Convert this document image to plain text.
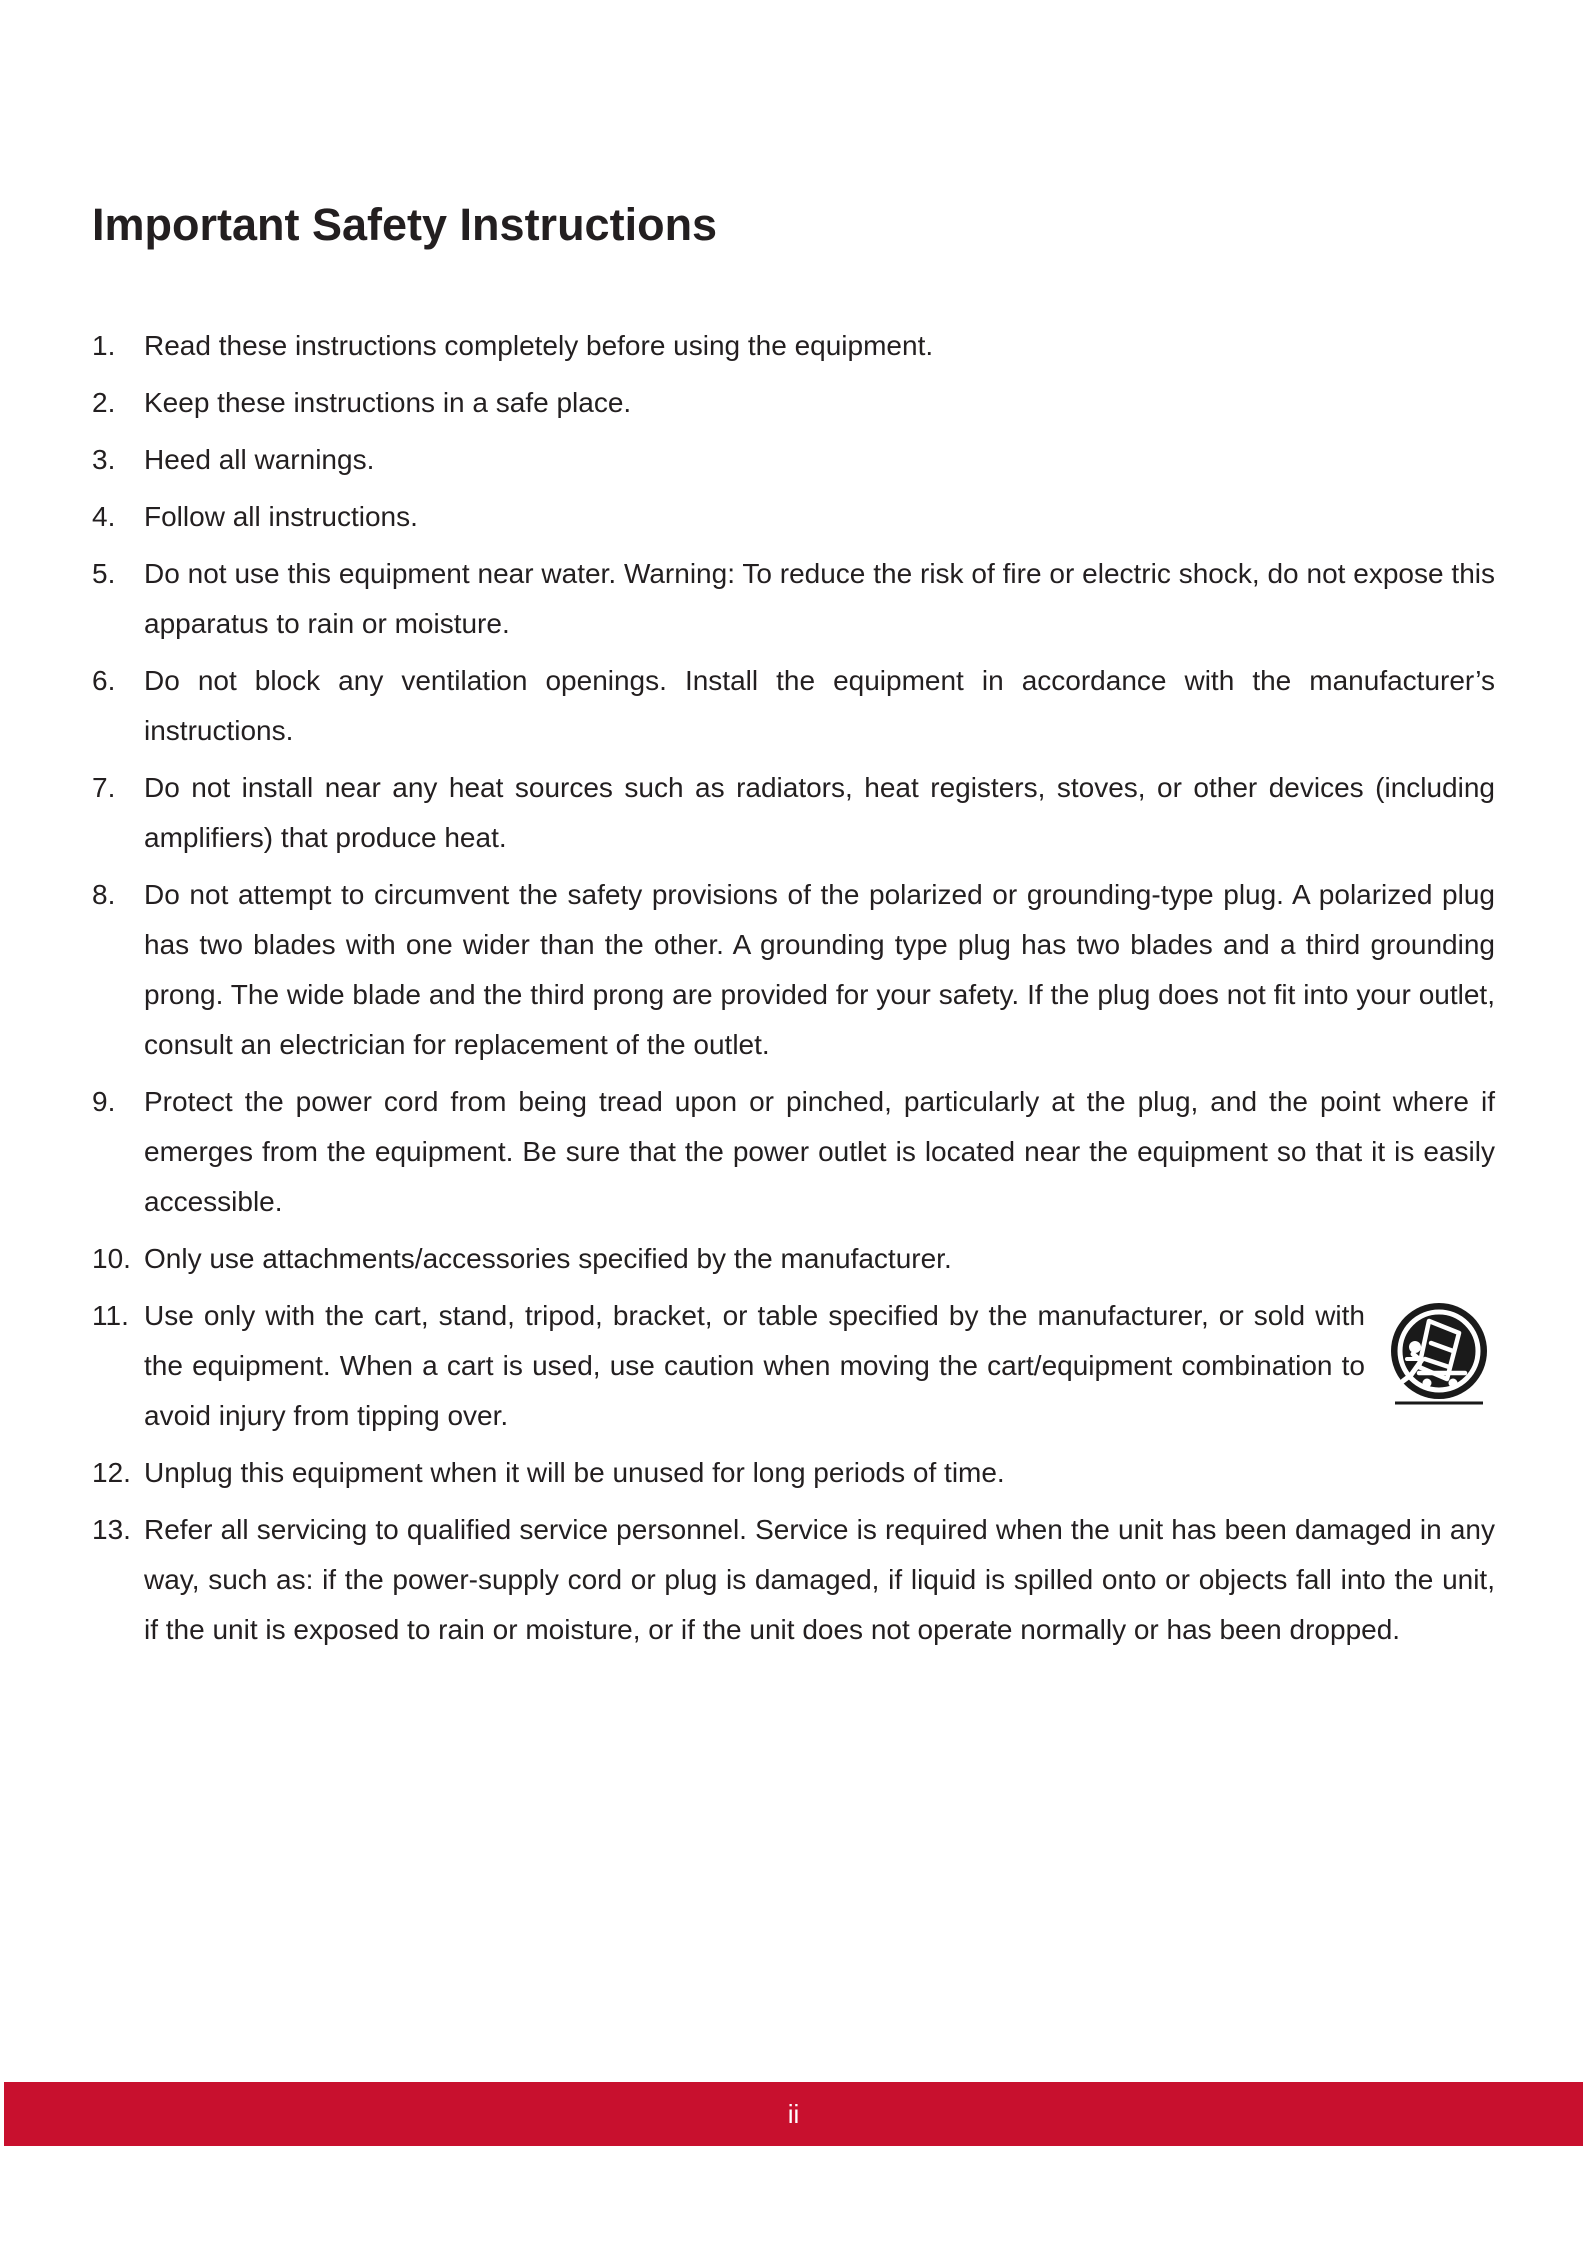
Important Safety Instructions
1.	Read these instructions completely before using the equipment.
2.	Keep these instructions in a safe place.
3.	Heed all warnings.
4.	Follow all instructions.
5.	Do not use this equipment near water. Warning: To reduce the risk of fire or electric shock, do not expose this apparatus to rain or moisture.
6.	Do not block any ventilation openings. Install the equipment in accordance with the manufacturer’s instructions.
7.	Do not install near any heat sources such as radiators, heat registers, stoves, or other devices (including amplifiers) that produce heat.
8.	Do not attempt to circumvent the safety provisions of the polarized or grounding-type plug. A polarized plug has two blades with one wider than the other. A grounding type plug has two blades and a third grounding prong. The wide blade and the third prong are provided for your safety. If the plug does not fit into your outlet, consult an electrician for replacement of the outlet.
9.	Protect the power cord from being tread upon or pinched, particularly at the plug, and the point where if emerges from the equipment. Be sure that the power outlet is located near the equipment so that it is easily accessible.
10. Only use attachments/accessories specified by the manufacturer.
11. Use only with the cart, stand, tripod, bracket, or table specified by the manufacturer, or sold with the equipment. When a cart is used, use caution when moving the cart/equipment combination to avoid injury from tipping over.
12. Unplug this equipment when it will be unused for long periods of time.
13. Refer all servicing to qualified service personnel. Service is required when the unit has been damaged in any way, such as: if the power-supply cord or plug is damaged, if liquid is spilled onto or objects fall into the unit, if the unit is exposed to rain or moisture, or if the unit does not operate normally or has been dropped.
ii
